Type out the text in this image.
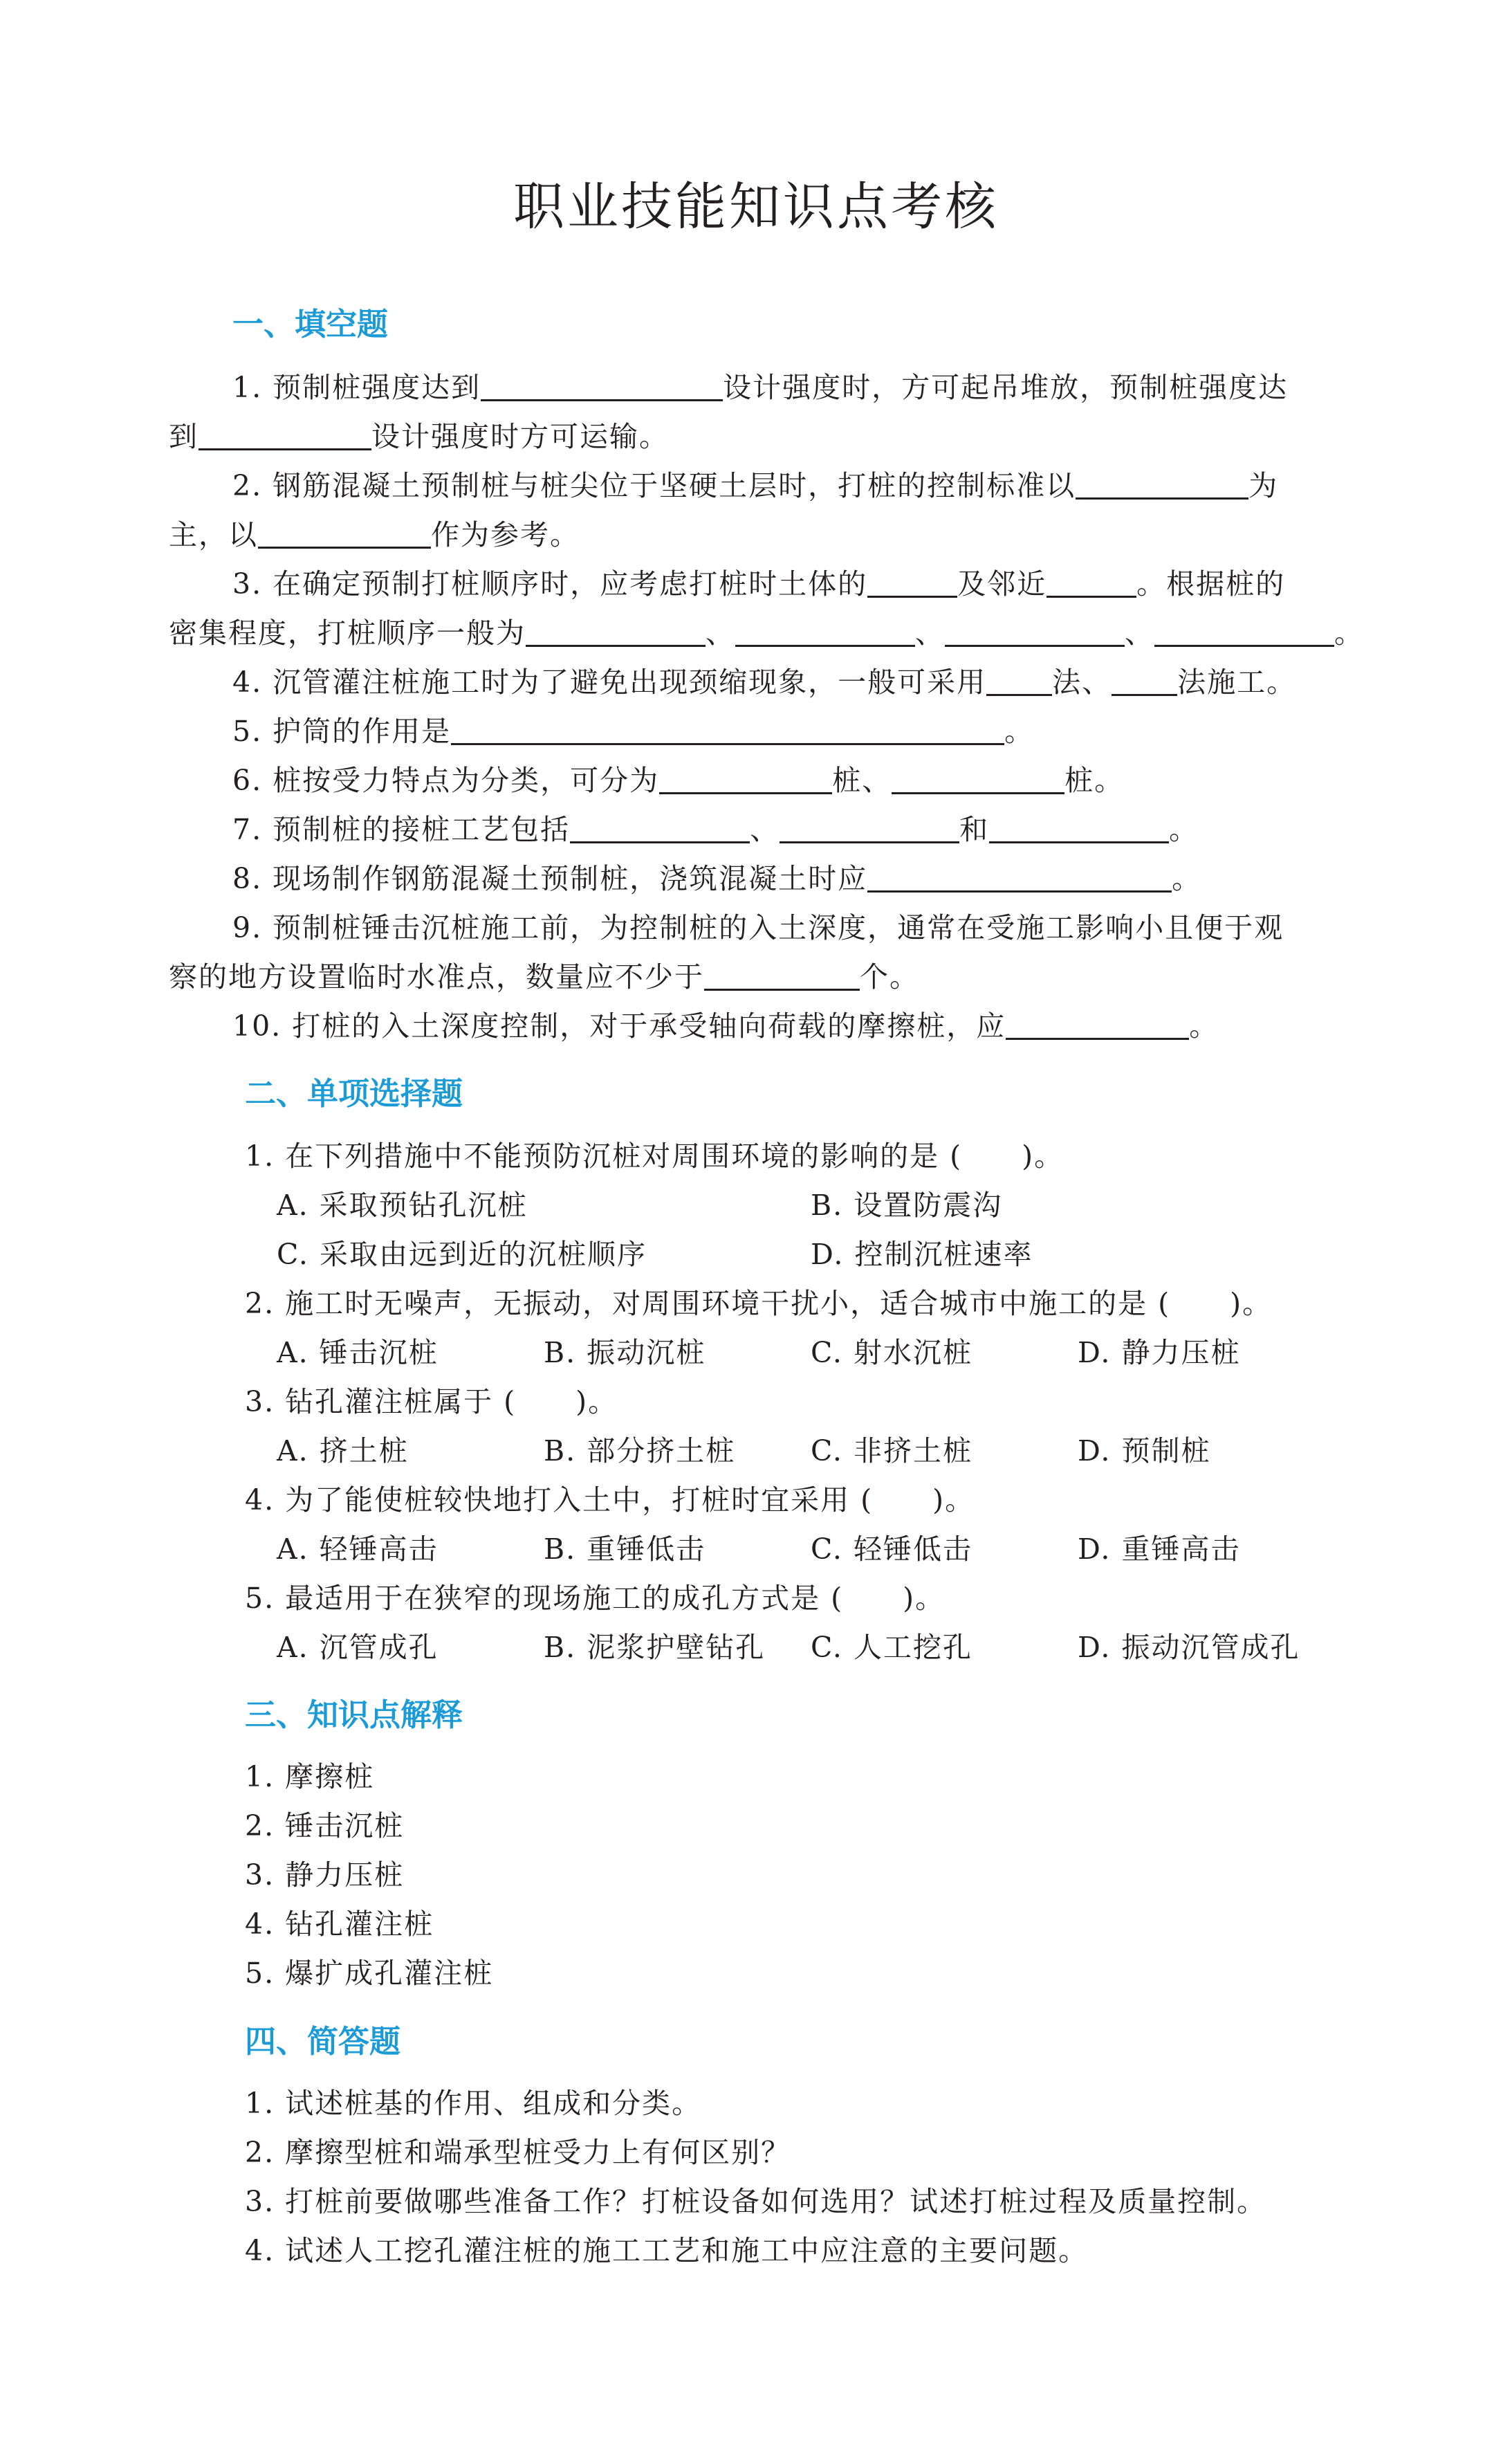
职业技能知识点考核
一、填空题
1. 预制桩强度达到	设计强度时，方可起吊堆放，预制桩强度达
到	设计强度时方可运输。
2. 钢筋混凝土预制桩与桩尖位于坚硬土层时，打桩的控制标准以	为
主，以	作为参考。
3. 在确定预制打桩顺序时，应考虑打桩时土体的	及邻近	。根据桩的
密集程度，打桩顺序一般为	、	、	、	。
4. 沉管灌注桩施工时为了避免出现颈缩现象，一般可采用 法、 法施工。
5. 护筒的作用是	。
6. 桩按受力特点为分类，可分为	桩、	桩。
7. 预制桩的接桩工艺包括	、	和	。
8. 现场制作钢筋混凝土预制桩，浇筑混凝土时应	。
9. 预制桩锤击沉桩施工前，为控制桩的入土深度，通常在受施工影响小且便于观
察的地方设置临时水准点，数量应不少于	个。
10. 打桩的入土深度控制，对于承受轴向荷载的摩擦桩，应	。
二、单项选择题
1. 在下列措施中不能预防沉桩对周围环境的影响的是 (　　)。
A. 采取预钻孔沉桩	B. 设置防震沟
C. 采取由远到近的沉桩顺序	D. 控制沉桩速率
2. 施工时无噪声，无振动，对周围环境干扰小，适合城市中施工的是 (　　)。
A. 锤击沉桩	B. 振动沉桩	C. 射水沉桩	D. 静力压桩
3. 钻孔灌注桩属于 (　　)。
A. 挤土桩	B. 部分挤土桩	C. 非挤土桩	D. 预制桩
4. 为了能使桩较快地打入土中，打桩时宜采用 (　　)。
A. 轻锤高击	B. 重锤低击	C. 轻锤低击	D. 重锤高击
5. 最适用于在狭窄的现场施工的成孔方式是 (　　)。
A. 沉管成孔	B. 泥浆护壁钻孔 C. 人工挖孔	D. 振动沉管成孔
三、知识点解释
1. 摩擦桩
2. 锤击沉桩
3. 静力压桩
4. 钻孔灌注桩
5. 爆扩成孔灌注桩
四、简答题
1. 试述桩基的作用、组成和分类。
2. 摩擦型桩和端承型桩受力上有何区别？
3. 打桩前要做哪些准备工作？打桩设备如何选用？试述打桩过程及质量控制。
4. 试述人工挖孔灌注桩的施工工艺和施工中应注意的主要问题。
